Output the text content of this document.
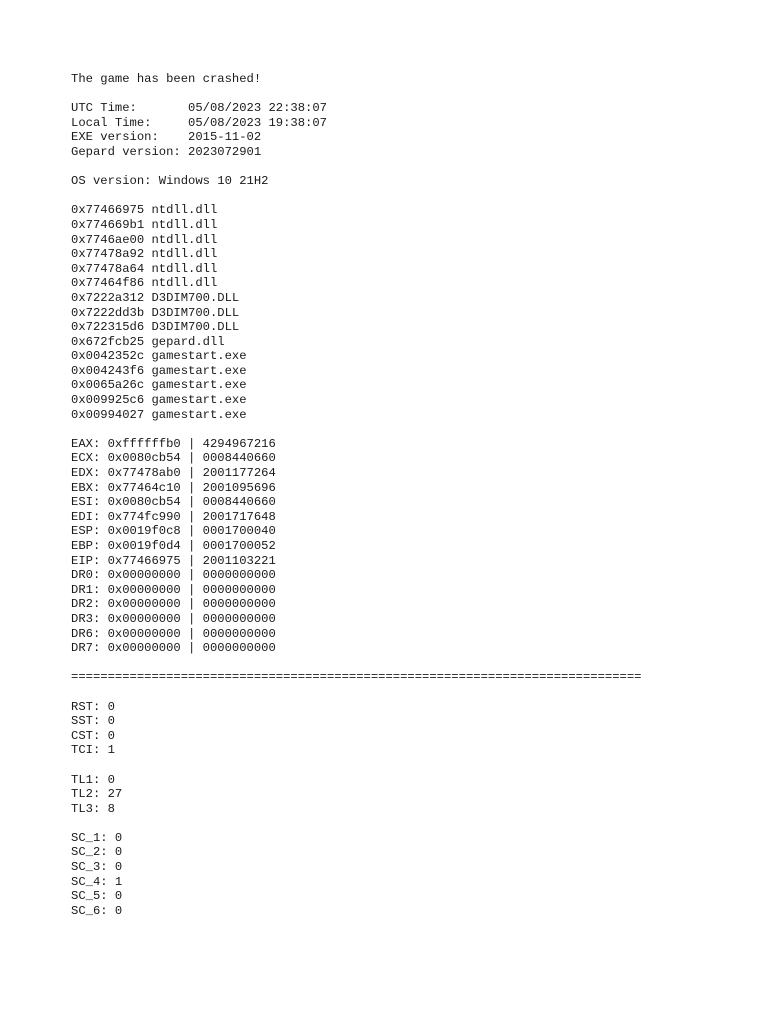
The game has been crashed!
UTC Time:       05/08/2023 22:38:07
Local Time:     05/08/2023 19:38:07
EXE version:    2015-11-02
Gepard version: 2023072901
OS version: Windows 10 21H2
0x77466975 ntdll.dll
0x774669b1 ntdll.dll
0x7746ae00 ntdll.dll
0x77478a92 ntdll.dll
0x77478a64 ntdll.dll
0x77464f86 ntdll.dll
0x7222a312 D3DIM700.DLL
0x7222dd3b D3DIM700.DLL
0x722315d6 D3DIM700.DLL
0x672fcb25 gepard.dll
0x0042352c gamestart.exe
0x004243f6 gamestart.exe
0x0065a26c gamestart.exe
0x009925c6 gamestart.exe
0x00994027 gamestart.exe
EAX: 0xffffffb0 | 4294967216
ECX: 0x0080cb54 | 0008440660
EDX: 0x77478ab0 | 2001177264
EBX: 0x77464c10 | 2001095696
ESI: 0x0080cb54 | 0008440660
EDI: 0x774fc990 | 2001717648
ESP: 0x0019f0c8 | 0001700040
EBP: 0x0019f0d4 | 0001700052
EIP: 0x77466975 | 2001103221
DR0: 0x00000000 | 0000000000
DR1: 0x00000000 | 0000000000
DR2: 0x00000000 | 0000000000
DR3: 0x00000000 | 0000000000
DR6: 0x00000000 | 0000000000
DR7: 0x00000000 | 0000000000
==============================================================================
RST: 0
SST: 0
CST: 0
TCI: 1
TL1: 0
TL2: 27
TL3: 8
SC_1: 0
SC_2: 0
SC_3: 0
SC_4: 1
SC_5: 0
SC_6: 0
